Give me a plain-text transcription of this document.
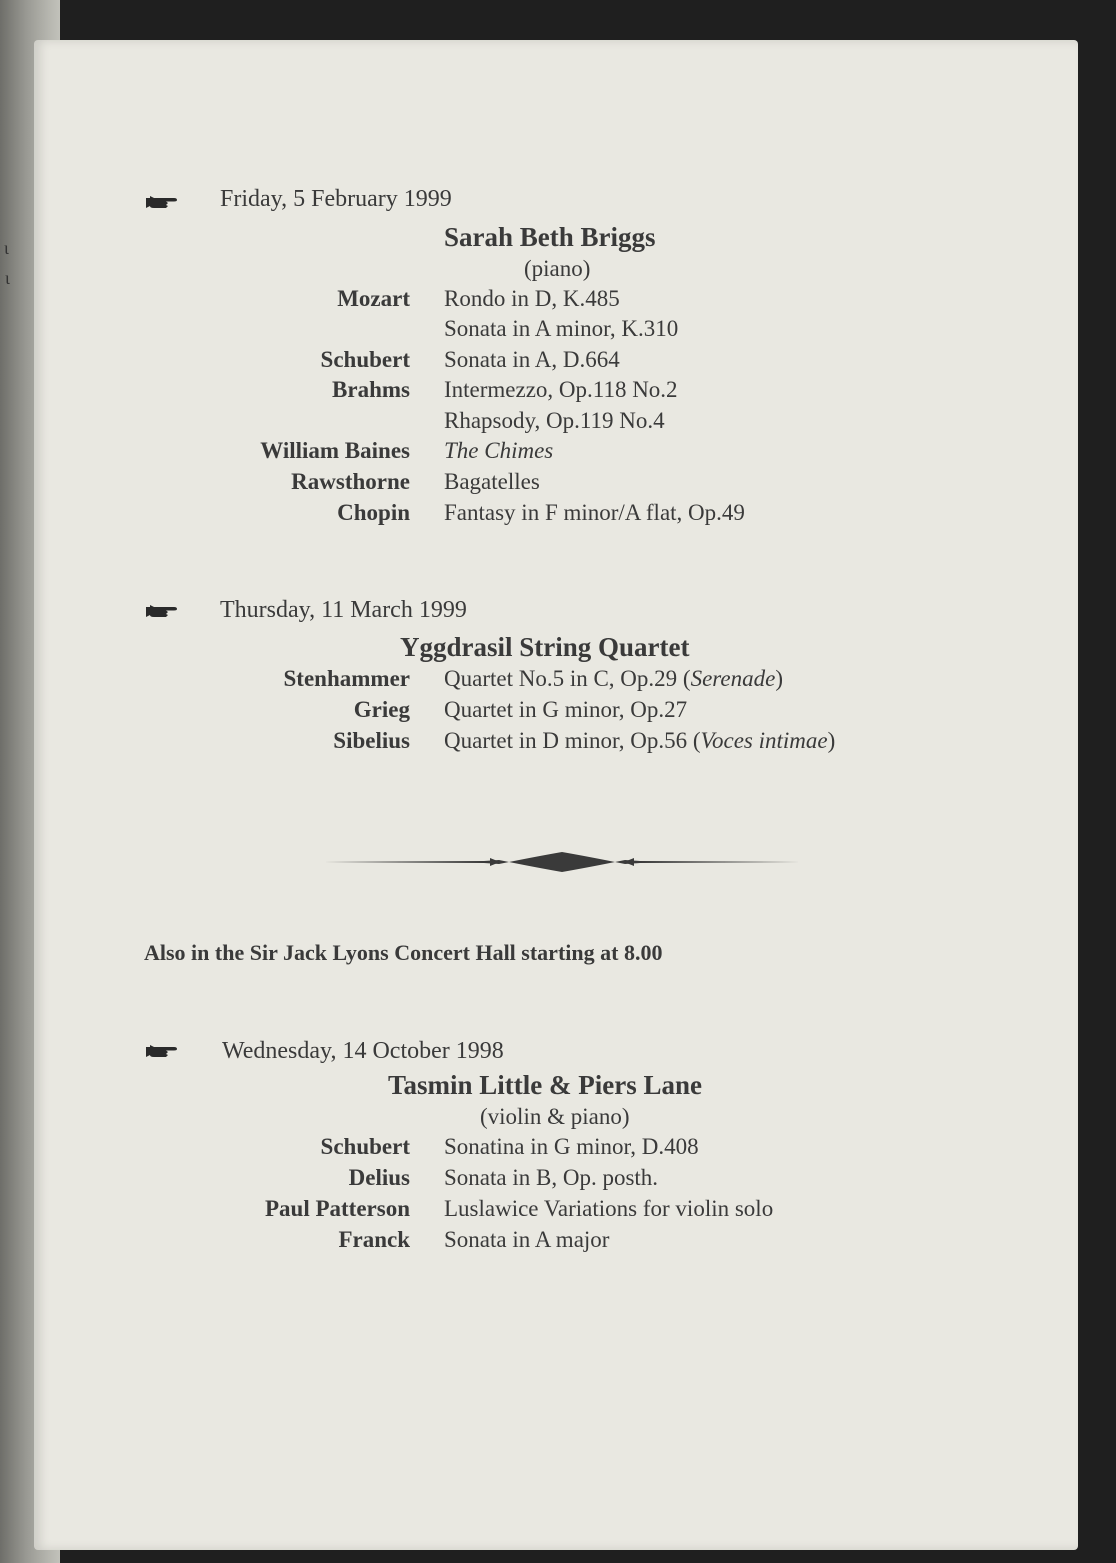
ι
ι
Friday, 5 February 1999
Sarah Beth Briggs
(piano)
Mozart Rondo in D, K.485
Sonata in A minor, K.310
Schubert Sonata in A, D.664
Brahms Intermezzo, Op.118 No.2
Rhapsody, Op.119 No.4
William Baines The Chimes
Rawsthorne Bagatelles
Chopin Fantasy in F minor/A flat, Op.49
Thursday, 11 March 1999
Yggdrasil String Quartet
Stenhammer Quartet No.5 in C, Op.29 (Serenade)
Grieg Quartet in G minor, Op.27
Sibelius Quartet in D minor, Op.56 (Voces intimae)
Also in the Sir Jack Lyons Concert Hall starting at 8.00
Wednesday, 14 October 1998
Tasmin Little & Piers Lane
(violin & piano)
Schubert Sonatina in G minor, D.408
Delius Sonata in B, Op. posth.
Paul Patterson Luslawice Variations for violin solo
Franck Sonata in A major
